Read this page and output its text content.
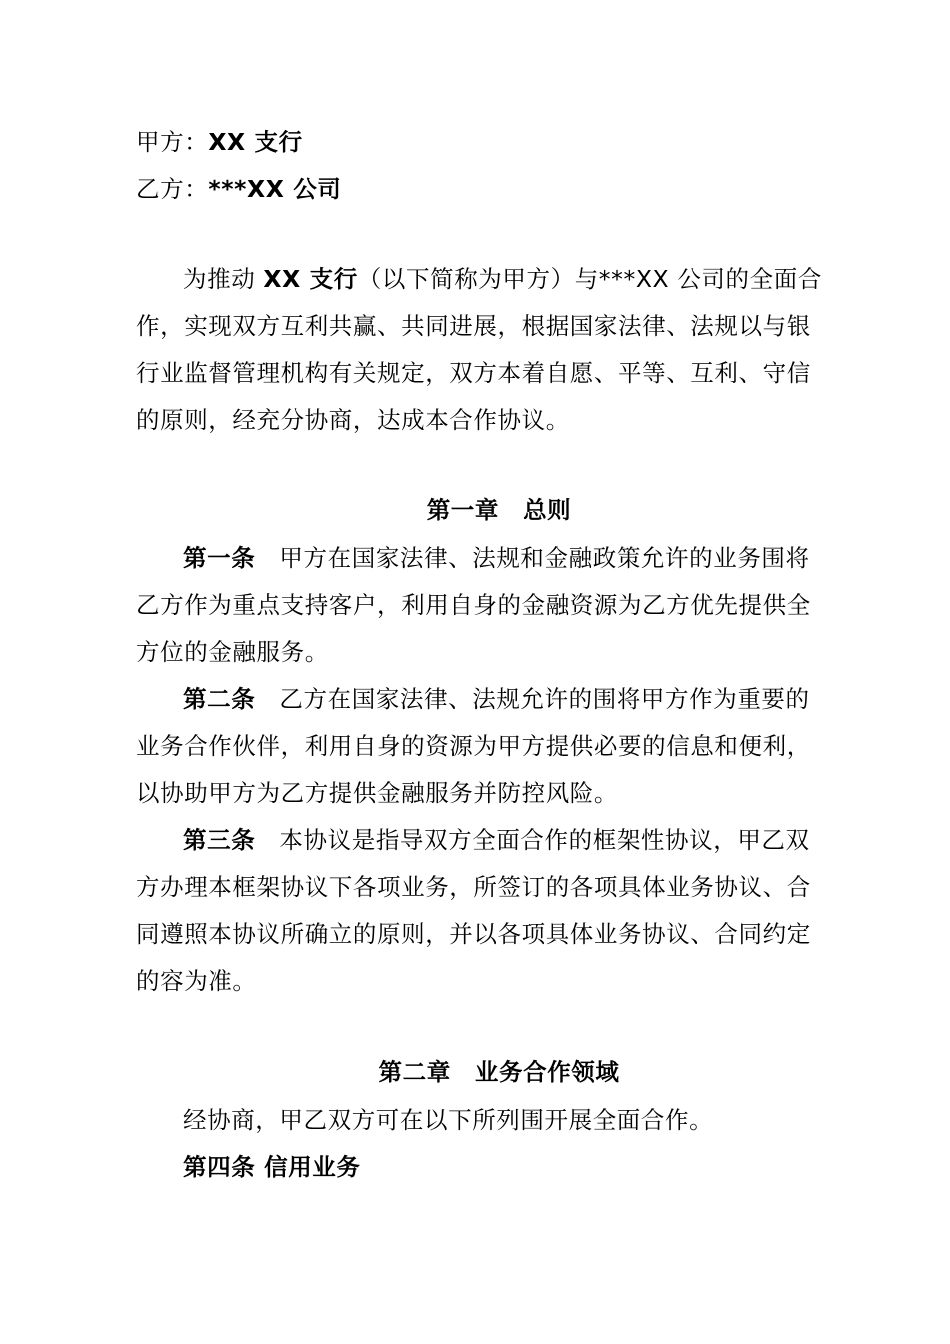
甲方：XX 支行
乙方：***XX 公司
为推动 XX 支行（以下简称为甲方）与***XX 公司的全面合
作，实现双方互利共赢、共同进展，根据国家法律、法规以与银
行业监督管理机构有关规定，双方本着自愿、平等、互利、守信
的原则，经充分协商，达成本合作协议。
第一章　总则
第一条　 甲方在国家法律、法规和金融政策允许的业务围将
乙方作为重点支持客户，利用自身的金融资源为乙方优先提供全
方位的金融服务。
第二条　 乙方在国家法律、法规允许的围将甲方作为重要的
业务合作伙伴，利用自身的资源为甲方提供必要的信息和便利，
以协助甲方为乙方提供金融服务并防控风险。
第三条　 本协议是指导双方全面合作的框架性协议，甲乙双
方办理本框架协议下各项业务，所签订的各项具体业务协议、合
同遵照本协议所确立的原则，并以各项具体业务协议、合同约定
的容为准。
第二章　业务合作领域
经协商，甲乙双方可在以下所列围开展全面合作。
第四条 信用业务
